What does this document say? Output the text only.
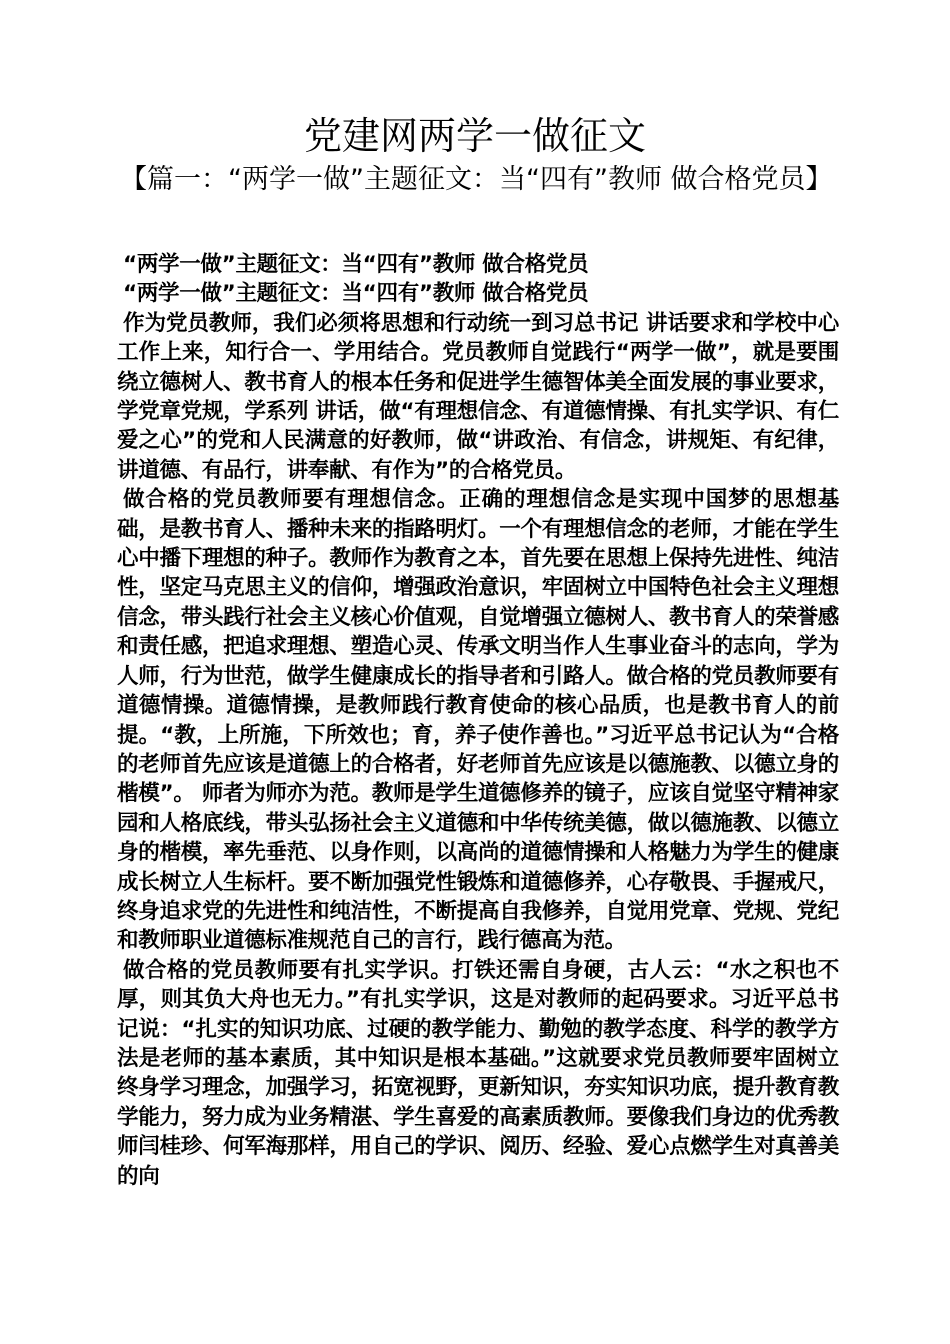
党建网两学一做征文
【篇一：“两学一做”主题征文：当“四有”教师 做合格党员】

“两学一做”主题征文：当“四有”教师 做合格党员

“两学一做”主题征文：当“四有”教师 做合格党员

作为党员教师，我们必须将思想和行动统一到习总书记 讲话要求和学校中心工作上来，知行合一、学用结合。党员教师自觉践行“两学一做”，就是要围绕立德树人、教书育人的根本任务和促进学生德智体美全面发展的事业要求，学党章党规，学系列 讲话，做“有理想信念、有道德情操、有扎实学识、有仁爱之心”的党和人民满意的好教师，做“讲政治、有信念，讲规矩、有纪律，讲道德、有品行，讲奉献、有作为”的合格党员。

做合格的党员教师要有理想信念。正确的理想信念是实现中国梦的思想基础，是教书育人、播种未来的指路明灯。一个有理想信念的老师，才能在学生心中播下理想的种子。教师作为教育之本，首先要在思想上保持先进性、纯洁性，坚定马克思主义的信仰，增强政治意识，牢固树立中国特色社会主义理想信念，带头践行社会主义核心价值观，自觉增强立德树人、教书育人的荣誉感和责任感，把追求理想、塑造心灵、传承文明当作人生事业奋斗的志向，学为人师，行为世范，做学生健康成长的指导者和引路人。做合格的党员教师要有道德情操。道德情操，是教师践行教育使命的核心品质，也是教书育人的前提。“教，上所施，下所效也；育，养子使作善也。”习近平总书记认为“合格的老师首先应该是道德上的合格者，好老师首先应该是以德施教、以德立身的楷模”。 师者为师亦为范。教师是学生道德修养的镜子，应该自觉坚守精神家园和人格底线，带头弘扬社会主义道德和中华传统美德，做以德施教、以德立身的楷模，率先垂范、以身作则，以高尚的道德情操和人格魅力为学生的健康成长树立人生标杆。要不断加强党性锻炼和道德修养，心存敬畏、手握戒尺，终身追求党的先进性和纯洁性，不断提高自我修养，自觉用党章、党规、党纪和教师职业道德标准规范自己的言行，践行德高为范。

做合格的党员教师要有扎实学识。打铁还需自身硬，古人云：“水之积也不厚，则其负大舟也无力。”有扎实学识，这是对教师的起码要求。习近平总书记说：“扎实的知识功底、过硬的教学能力、勤勉的教学态度、科学的教学方法是老师的基本素质，其中知识是根本基础。”这就要求党员教师要牢固树立终身学习理念，加强学习，拓宽视野，更新知识，夯实知识功底，提升教育教学能力，努力成为业务精湛、学生喜爱的高素质教师。要像我们身边的优秀教师闫桂珍、何军海那样，用自己的学识、阅历、经验、爱心点燃学生对真善美的向
